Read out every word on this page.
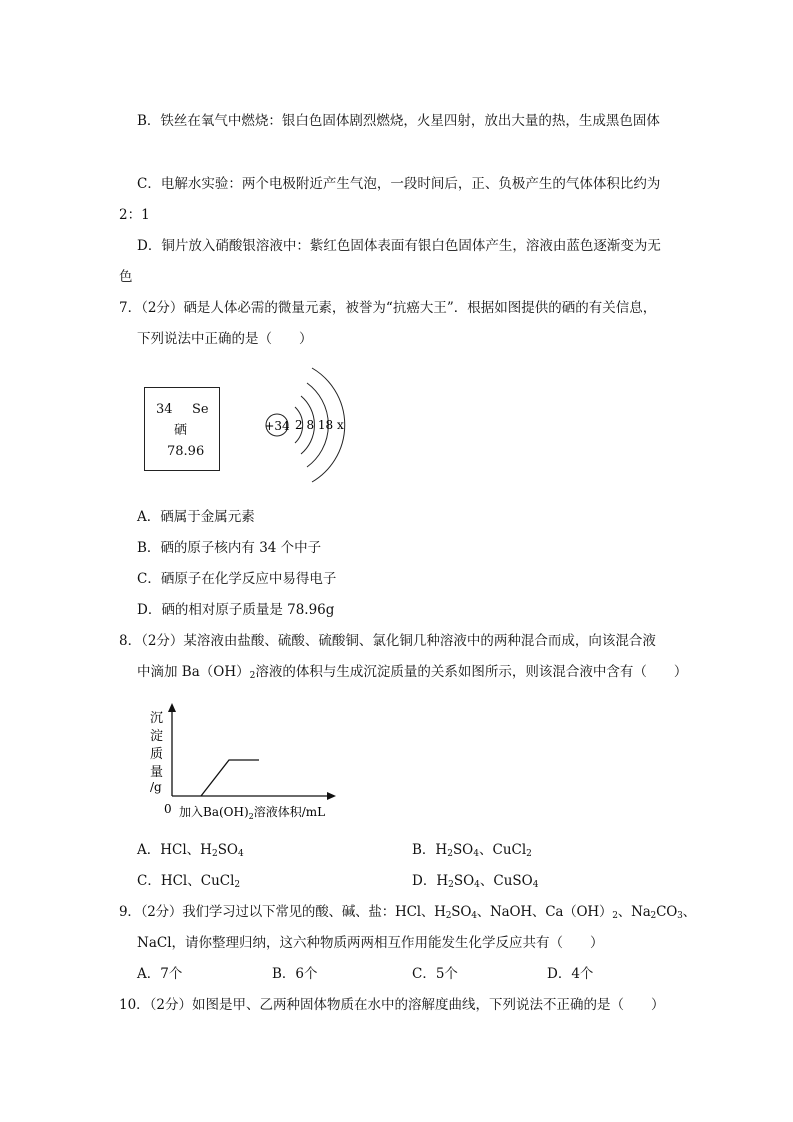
B．铁丝在氧气中燃烧：银白色固体剧烈燃烧，火星四射，放出大量的热，生成黑色固体
C．电解水实验：两个电极附近产生气泡，一段时间后，正、负极产生的气体体积比约为
2：1
D．铜片放入硝酸银溶液中：紫红色固体表面有银白色固体产生，溶液由蓝色逐渐变为无
色
7．（2分）硒是人体必需的微量元素，被誉为“抗癌大王”．根据如图提供的硒的有关信息，
下列说法中正确的是（　　）
34 Se
硒
78.96
+34 2 8 18 x
A．硒属于金属元素
B．硒的原子核内有 34 个中子
C．硒原子在化学反应中易得电子
D．硒的相对原子质量是 78.96g
8．（2分）某溶液由盐酸、硫酸、硫酸铜、氯化铜几种溶液中的两种混合而成，向该混合液
中滴加 $Ba(OH)_2$溶液的体积与生成沉淀质量的关系如图所示，则该混合液中含有（　　）
沉
淀
质
量
/g
0 加入$Ba(OH)_2$溶液体积/mL
A．HCl、$H_2SO_4$	B．$H_2SO_4$、CuCl$_2$
C．HCl、CuCl$_2$	D．$H_2SO_4$、CuSO$_4$
9．（2分）我们学习过以下常见的酸、碱、盐：HCl、$H_2SO_4$、NaOH、$Ca(OH)_2$、$Na_2CO_3$、
NaCl，请你整理归纳，这六种物质两两相互作用能发生化学反应共有（　　）
A．7个	B．6个	C．5个	D．4个
10．（2分）如图是甲、乙两种固体物质在水中的溶解度曲线，下列说法不正确的是（　　）
